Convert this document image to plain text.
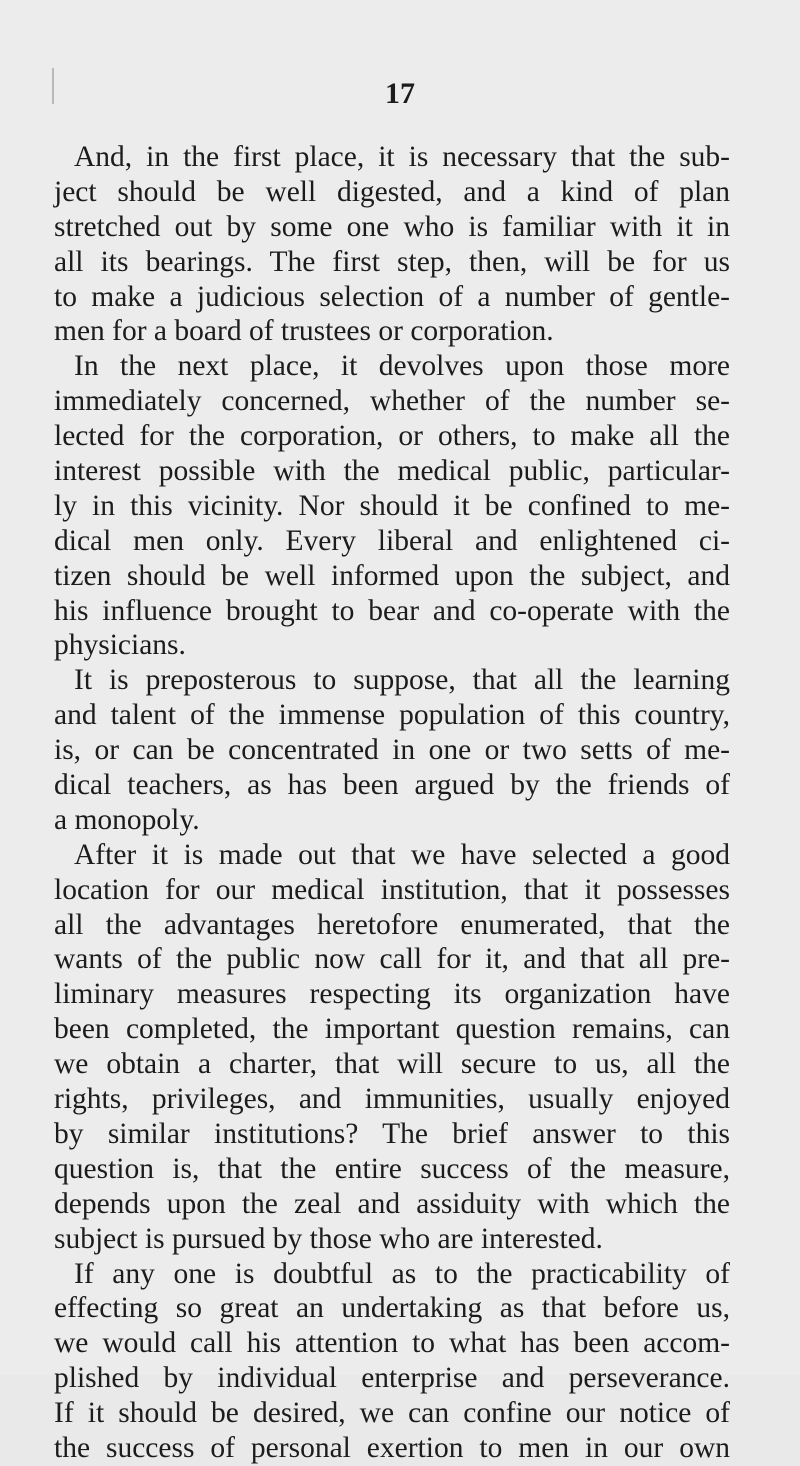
17
And, in the first place, it is necessary that the sub-
ject should be well digested, and a kind of plan
stretched out by some one who is familiar with it in
all its bearings. The first step, then, will be for us
to make a judicious selection of a number of gentle-
men for a board of trustees or corporation.
In the next place, it devolves upon those more
immediately concerned, whether of the number se-
lected for the corporation, or others, to make all the
interest possible with the medical public, particular-
ly in this vicinity. Nor should it be confined to me-
dical men only. Every liberal and enlightened ci-
tizen should be well informed upon the subject, and
his influence brought to bear and co-operate with the
physicians.
It is preposterous to suppose, that all the learning
and talent of the immense population of this country,
is, or can be concentrated in one or two setts of me-
dical teachers, as has been argued by the friends of
a monopoly.
After it is made out that we have selected a good
location for our medical institution, that it possesses
all the advantages heretofore enumerated, that the
wants of the public now call for it, and that all pre-
liminary measures respecting its organization have
been completed, the important question remains, can
we obtain a charter, that will secure to us, all the
rights, privileges, and immunities, usually enjoyed
by similar institutions? The brief answer to this
question is, that the entire success of the measure,
depends upon the zeal and assiduity with which the
subject is pursued by those who are interested.
If any one is doubtful as to the practicability of
effecting so great an undertaking as that before us,
we would call his attention to what has been accom-
plished by individual enterprise and perseverance.
If it should be desired, we can confine our notice of
the success of personal exertion to men in our own
